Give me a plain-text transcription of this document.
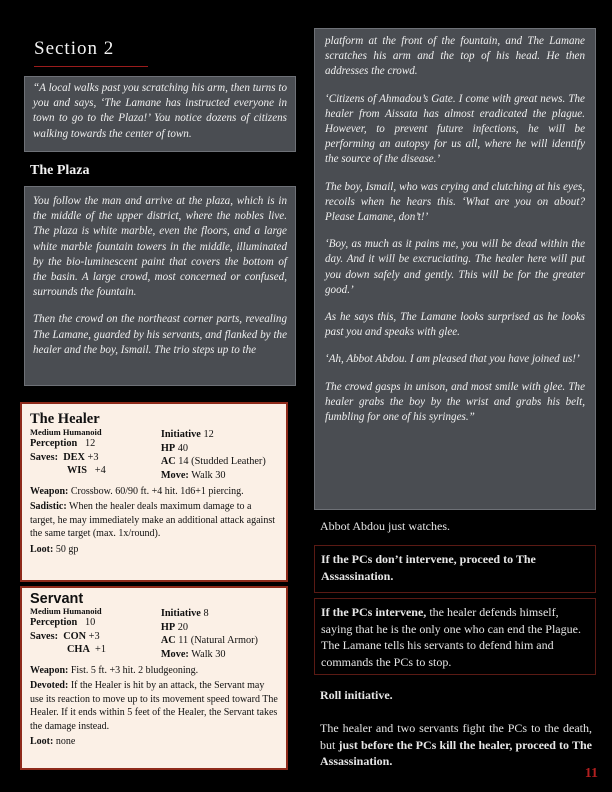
Section 2

“A local walks past you scratching his arm, then turns to you and says, ‘The Lamane has instructed everyone in town to go to the Plaza!’ You notice dozens of citizens walking towards the center of town.

The Plaza

You follow the man and arrive at the plaza, which is in the middle of the upper district, where the nobles live. The plaza is white marble, even the floors, and a large white marble fountain towers in the middle, illuminated by the bio-luminescent paint that covers the bottom of the basin. A large crowd, most concerned or confused, surrounds the fountain.

Then the crowd on the northeast corner parts, revealing The Lamane, guarded by his servants, and flanked by the healer and the boy, Ismail. The trio steps up to the

platform at the front of the fountain, and The Lamane scratches his arm and the top of his head. He then addresses the crowd.

‘Citizens of Ahmadou’s Gate. I come with great news. The healer from Aissata has almost eradicated the plague. However, to prevent future infections, he will be performing an autopsy for us all, where he will identify the source of the disease.’

The boy, Ismail, who was crying and clutching at his eyes, recoils when he hears this. ‘What are you on about? Please Lamane, don’t!’

‘Boy, as much as it pains me, you will be dead within the day. And it will be excruciating. The healer here will put you down safely and gently. This will be for the greater good.’

As he says this, The Lamane looks surprised as he looks past you and speaks with glee.

‘Ah, Abbot Abdou. I am pleased that you have joined us!’

The crowd gasps in unison, and most smile with glee. The healer grabs the boy by the wrist and grabs his belt, fumbling for one of his syringes.”

The Healer
Medium Humanoid
Perception 12
Saves: DEX +3
WIS +4
Initiative 12
HP 40
AC 14 (Studded Leather)
Move: Walk 30

Weapon: Crossbow. 60/90 ft. +4 hit. 1d6+1 piercing.

Sadistic: When the healer deals maximum damage to a target, he may immediately make an additional attack against the same target (max. 1x/round).

Loot: 50 gp

Servant
Medium Humanoid
Perception 10
Saves: CON +3
CHA +1
Initiative 8
HP 20
AC 11 (Natural Armor)
Move: Walk 30

Weapon: Fist. 5 ft. +3 hit. 2 bludgeoning.

Devoted: If the Healer is hit by an attack, the Servant may use its reaction to move up to its movement speed toward The Healer. If it ends within 5 feet of the Healer, the Servant takes the damage instead.

Loot: none

Abbot Abdou just watches.
If the PCs don’t intervene, proceed to The Assassination.
If the PCs intervene, the healer defends himself, saying that he is the only one who can end the Plague. The Lamane tells his servants to defend him and commands the PCs to stop.
Roll initiative.
The healer and two servants fight the PCs to the death, but just before the PCs kill the healer, proceed to The Assassination.
11
